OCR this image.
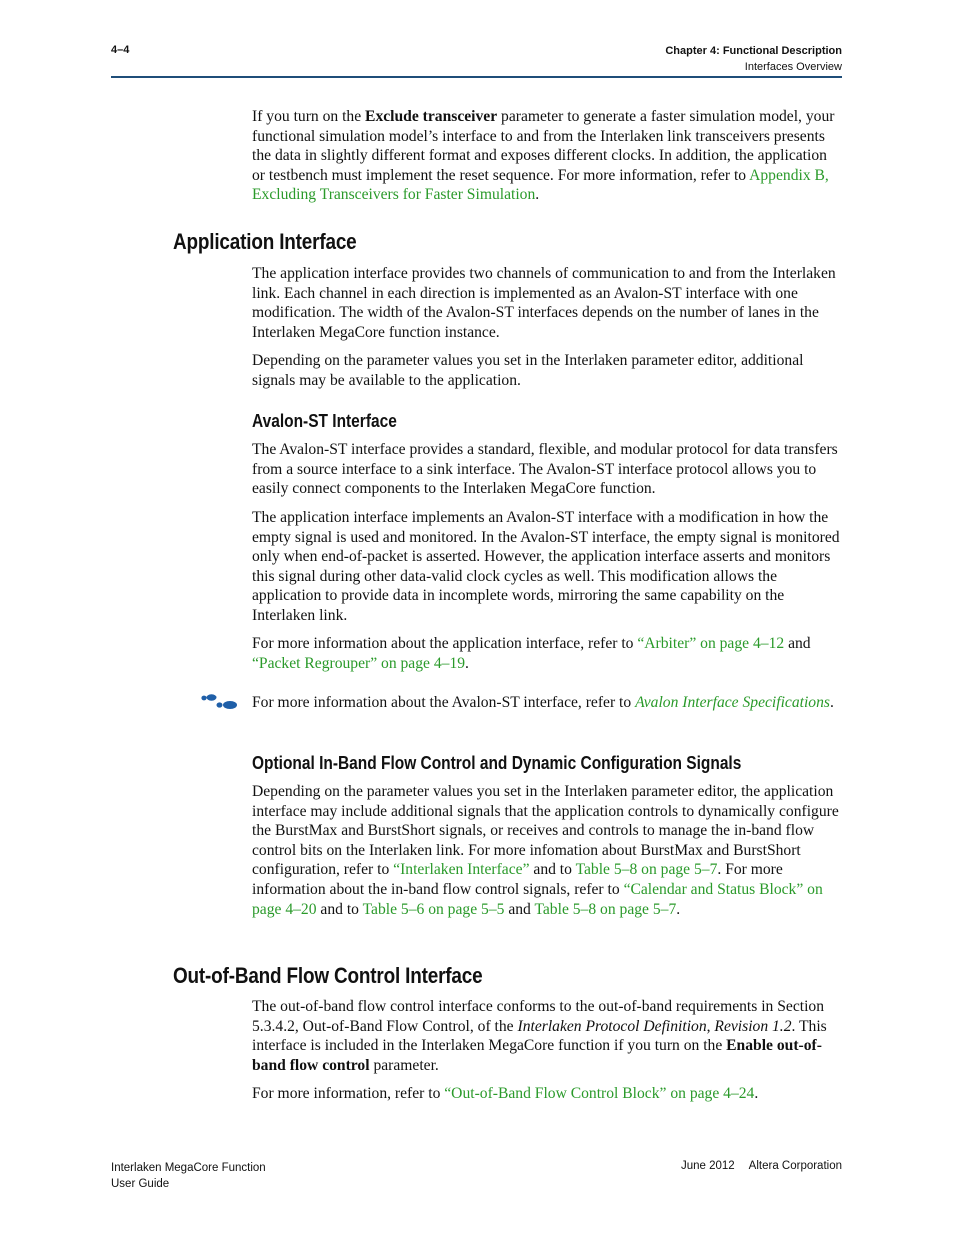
4–4	Chapter 4: Functional Description
Interfaces Overview

If you turn on the Exclude transceiver parameter to generate a faster simulation model, your functional simulation model’s interface to and from the Interlaken link transceivers presents the data in slightly different format and exposes different clocks. In addition, the application or testbench must implement the reset sequence. For more information, refer to Appendix B, Excluding Transceivers for Faster Simulation.

Application Interface

The application interface provides two channels of communication to and from the Interlaken link. Each channel in each direction is implemented as an Avalon-ST interface with one modification. The width of the Avalon-ST interfaces depends on the number of lanes in the Interlaken MegaCore function instance.

Depending on the parameter values you set in the Interlaken parameter editor, additional signals may be available to the application.

Avalon-ST Interface

The Avalon-ST interface provides a standard, flexible, and modular protocol for data transfers from a source interface to a sink interface. The Avalon-ST interface protocol allows you to easily connect components to the Interlaken MegaCore function.

The application interface implements an Avalon-ST interface with a modification in how the empty signal is used and monitored. In the Avalon-ST interface, the empty signal is monitored only when end-of-packet is asserted. However, the application interface asserts and monitors this signal during other data-valid clock cycles as well. This modification allows the application to provide data in incomplete words, mirroring the same capability on the Interlaken link.

For more information about the application interface, refer to “Arbiter” on page 4–12 and “Packet Regrouper” on page 4–19.

For more information about the Avalon-ST interface, refer to Avalon Interface Specifications.

Optional In-Band Flow Control and Dynamic Configuration Signals

Depending on the parameter values you set in the Interlaken parameter editor, the application interface may include additional signals that the application controls to dynamically configure the BurstMax and BurstShort signals, or receives and controls to manage the in-band flow control bits on the Interlaken link. For more infomation about BurstMax and BurstShort configuration, refer to “Interlaken Interface” and to Table 5–8 on page 5–7. For more information about the in-band flow control signals, refer to “Calendar and Status Block” on page 4–20 and to Table 5–6 on page 5–5 and Table 5–8 on page 5–7.

Out-of-Band Flow Control Interface

The out-of-band flow control interface conforms to the out-of-band requirements in Section 5.3.4.2, Out-of-Band Flow Control, of the Interlaken Protocol Definition, Revision 1.2. This interface is included in the Interlaken MegaCore function if you turn on the Enable out-of-band flow control parameter.

For more information, refer to “Out-of-Band Flow Control Block” on page 4–24.

Interlaken MegaCore Function
User Guide
June 2012 Altera Corporation
